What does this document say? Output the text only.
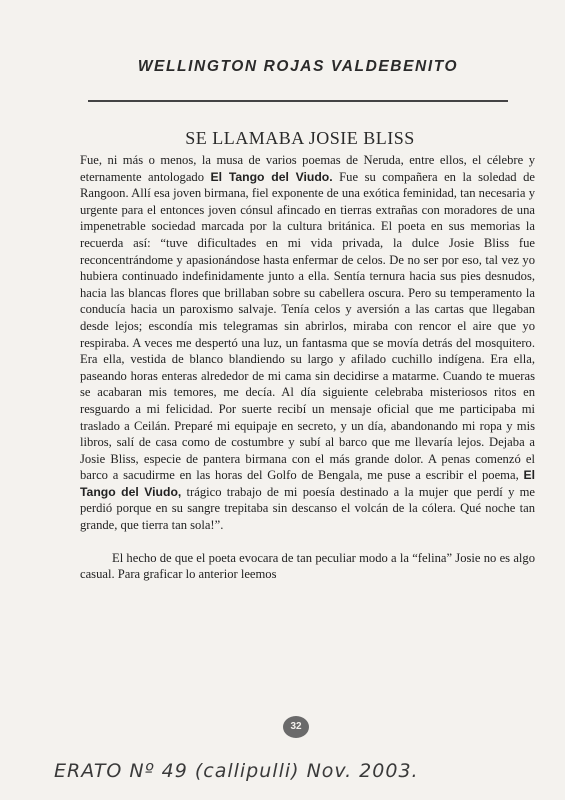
WELLINGTON ROJAS VALDEBENITO
SE LLAMABA JOSIE BLISS

Fue, ni más o menos, la musa de varios poemas de Neruda, entre ellos, el célebre y eternamente antologado El Tango del Viudo. Fue su compañera en la soledad de Rangoon. Allí esa joven birmana, fiel exponente de una exótica feminidad, tan necesaria y urgente para el entonces joven cónsul afincado en tierras extrañas con moradores de una impenetrable sociedad marcada por la cultura británica. El poeta en sus memorias la recuerda así: “tuve dificultades en mi vida privada, la dulce Josie Bliss fue reconcentrándome y apasionándose hasta enfermar de celos. De no ser por eso, tal vez yo hubiera continuado indefinidamente junto a ella. Sentía ternura hacia sus pies desnudos, hacia las blancas flores que brillaban sobre su cabellera oscura. Pero su temperamento la conducía hacia un paroxismo salvaje. Tenía celos y aversión a las cartas que llegaban desde lejos; escondía mis telegramas sin abrirlos, miraba con rencor el aire que yo respiraba. A veces me despertó una luz, un fantasma que se movía detrás del mosquitero. Era ella, vestida de blanco blandiendo su largo y afilado cuchillo indígena. Era ella, paseando horas enteras alrededor de mi cama sin decidirse a matarme. Cuando te mueras se acabaran mis temores, me decía. Al día siguiente celebraba misteriosos ritos en resguardo a mi felicidad. Por suerte recibí un mensaje oficial que me participaba mi traslado a Ceilán. Preparé mi equipaje en secreto, y un día, abandonando mi ropa y mis libros, salí de casa como de costumbre y subí al barco que me llevaría lejos. Dejaba a Josie Bliss, especie de pantera birmana con el más grande dolor. A penas comenzó el barco a sacudirme en las horas del Golfo de Bengala, me puse a escribir el poema, El Tango del Viudo, trágico trabajo de mi poesía destinado a la mujer que perdí y me perdió porque en su sangre trepitaba sin descanso el volcán de la cólera. Qué noche tan grande, que tierra tan sola!”.

El hecho de que el poeta evocara de tan peculiar modo a la “felina” Josie no es algo casual. Para graficar lo anterior leemos

32
ERATO Nº 49 (callipulli) Nov. 2003.
